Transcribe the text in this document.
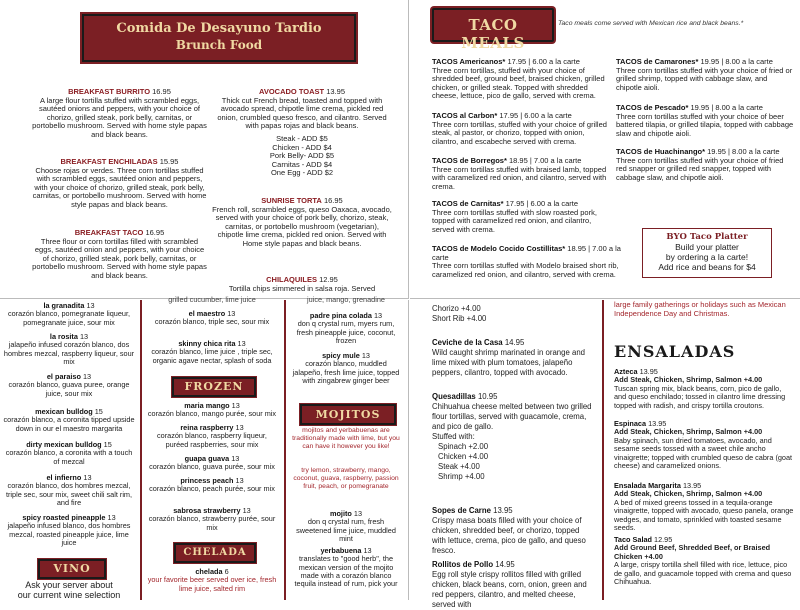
Comida De Desayuno Tardio
Brunch Food
BREAKFAST BURRITO 16.95
A large flour tortilla stuffed with scrambled eggs, sautéed onions and peppers, with your choice of chorizo, grilled steak, pork belly, carnitas, or portobello mushroom. Served with home style papas and black beans.
BREAKFAST ENCHILADAS 15.95
Choose rojas or verdes. Three corn tortillas stuffed with scrambled eggs, sautéed onion and peppers, with your choice of chorizo, grilled steak, pork belly, carnitas, or portobello mushroom. Served with home style papas and black beans.
BREAKFAST TACO 16.95
Three flour or corn tortillas filled with scrambled eggs, sautéed onion and peppers, with your choice of chorizo, grilled steak, pork belly, carnitas, or portobello mushroom. Served with home style papas and black beans.
AVOCADO TOAST 13.95
Thick cut French bread, toasted and topped with avocado spread, chipotle lime crema, pickled red onion, crumbled queso fresco, and cilantro. Served with papas rojas and black beans.
Steak - ADD $5
Chicken - ADD $4
Pork Belly- ADD $5
Carnitas - ADD $4
One Egg - ADD $2
SUNRISE TORTA 16.95
French roll, scrambled eggs, queso Oaxaca, avocado, served with your choice of pork belly, chorizo, steak, carnitas, or portobello mushroom (vegetarian), chipotle lime crema, pickled red onion. Served with Home style papas and black beans.
CHILAQUILES 12.95
Tortilla chips simmered in salsa roja. Served
TACO MEALS
Taco meals come served with Mexican rice and black beans.*
TACOS Americanos* 17.95 | 6.00 a la carte
Three corn tortillas, stuffed with your choice of shredded beef, ground beef, braised chicken, grilled chicken, or grilled steak. Topped with shredded cheese, lettuce, pico de gallo, served with crema.
TACOS al Carbon* 17.95 | 6.00 a la carte
Three corn tortillas, stuffed with your choice of grilled steak, al pastor, or chorizo, topped with onion, cilantro, and escabeche served with crema.
TACOS de Borregos* 18.95 | 7.00 a la carte
Three corn tortillas stuffed with braised lamb, topped with caramelized red onion, and cilantro, served with crema.
TACOS de Carnitas* 17.95 | 6.00 a la carte
Three corn tortillas stuffed with slow roasted pork, topped with caramelized red onion, and cilantro, served with crema.
TACOS de Modelo Cocido Costillitas* 18.95 | 7.00 a la carte
Three corn tortillas stuffed with Modelo braised short rib, caramelized red onion, and cilantro, served with crema.
TACOS de Camarones* 19.95 | 8.00 a la carte
Three corn tortillas stuffed with your choice of fried or grilled shrimp, topped with cabbage slaw, and chipotle aioli.
TACOS de Pescado* 19.95 | 8.00 a la carte
Three corn tortillas stuffed with your choice of beer battered tilapia, or grilled tilapia, topped with cabbage slaw and chipotle aioli.
TACOS de Huachinango* 19.95 | 8.00 a la carte
Three corn tortillas stuffed with your choice of fried red snapper or grilled red snapper, topped with cabbage slaw, and chipotle aioli.
BYO Taco Platter
Build your platter
by ordering a la carte!
Add rice and beans for $4
la granadita 13
corazón blanco, pomegranate liqueur, pomegranate juice, sour mix
la rosita 13
jalapeño infused corazón blanco, dos hombres mezcal, raspberry liqueur, sour mix
el paraiso 13
corazón blanco, guava puree, orange juice, sour mix
mexican bulldog 15
corazón blanco, a coronita tipped upside down in our el maestro margarita
dirty mexican bulldog 15
corazón blanco, a coronita with a touch of mezcal
el infierno 13
corazón blanco, dos hombres mezcal, triple sec, sour mix, sweet chili salt rim, and fire
spicy roasted pineapple 13
jalapeño infused blanco, dos hombres mezcal, roasted pineapple juice, lime juice
VINO
Ask your server about
our current wine selection
grilled cucumber, lime juice
el maestro 13
corazón blanco, triple sec, sour mix
skinny chica rita 13
corazón blanco, lime juice , triple sec, organic agave nectar, splash of soda
FROZEN
maria mango 13
corazón blanco, mango purée, sour mix
reina raspberry 13
corazón blanco, raspberry liqueur, puréed raspberries, sour mix
guapa guava 13
corazón blanco, guava purée, sour mix
princess peach 13
corazón blanco, peach purée, sour mix
sabrosa strawberry 13
corazón blanco, strawberry purée, sour mix
CHELADA
chelada 6
your favorite beer served over ice, fresh lime juice, salted rim
juice, mango, grenadine
padre pina colada 13
don q crystal rum, myers rum, fresh pineapple juice, coconut, frozen
spicy mule 13
corazón blanco, muddled jalapeño, fresh lime juice, topped with zingabrew ginger beer
MOJITOS
mojitos and yerbabuenas are traditionally made with lime, but you can have it however you like!
try lemon, strawberry, mango, coconut, guava, raspberry, passion fruit, peach, or pomegranate
mojito 13
don q crystal rum, fresh sweetened lime juice, muddled mint
yerbabuena 13
translates to "good herb", the mexican version of the mojito made with a corazón blanco tequila instead of rum, pick your
Chorizo +4.00
Short Rib +4.00
Ceviche de la Casa 14.95
Wild caught shrimp marinated in orange and lime mixed with plum tomatoes, jalapeño peppers, cilantro, topped with avocado.
Quesadillas 10.95
Chihuahua cheese melted between two grilled flour tortillas, served with guacamole, crema, and pico de gallo.
Stuffed with:
Spinach +2.00
Chicken +4.00
Steak +4.00
Shrimp +4.00
Sopes de Carne 13.95
Crispy masa boats filled with your choice of chicken, shredded beef, or chorizo, topped with lettuce, crema, pico de gallo, and queso fresco.
Rollitos de Pollo 14.95
Egg roll style crispy rollitos filled with grilled chicken, black beans, corn, onion, green and red peppers, cilantro, and melted cheese, served with
large family gatherings or holidays such as Mexican Independence Day and Christmas.
ENSALADAS
Azteca 13.95
Add Steak, Chicken, Shrimp, Salmon +4.00
Tuscan spring mix, black beans, corn, pico de gallo, and queso enchilado; tossed in cilantro lime dressing topped with radish, and crispy tortilla croutons.
Espinaca 13.95
Add Steak, Chicken, Shrimp, Salmon +4.00
Baby spinach, sun dried tomatoes, avocado, and sesame seeds tossed with a sweet chile ancho vinaigrette; topped with crumbled queso de cabra (goat cheese) and caramelized onions.
Ensalada Margarita 13.95
Add Steak, Chicken, Shrimp, Salmon +4.00
A bed of mixed greens tossed in a tequila-orange vinaigrette, topped with avocado, queso panela, orange wedges, and tomato, sprinkled with toasted sesame seeds.
Taco Salad 12.95
Add Ground Beef, Shredded Beef, or Braised Chicken +4.00
A large, crispy tortilla shell filled with rice, lettuce, pico de gallo, and guacamole topped with crema and queso Chihuahua.
